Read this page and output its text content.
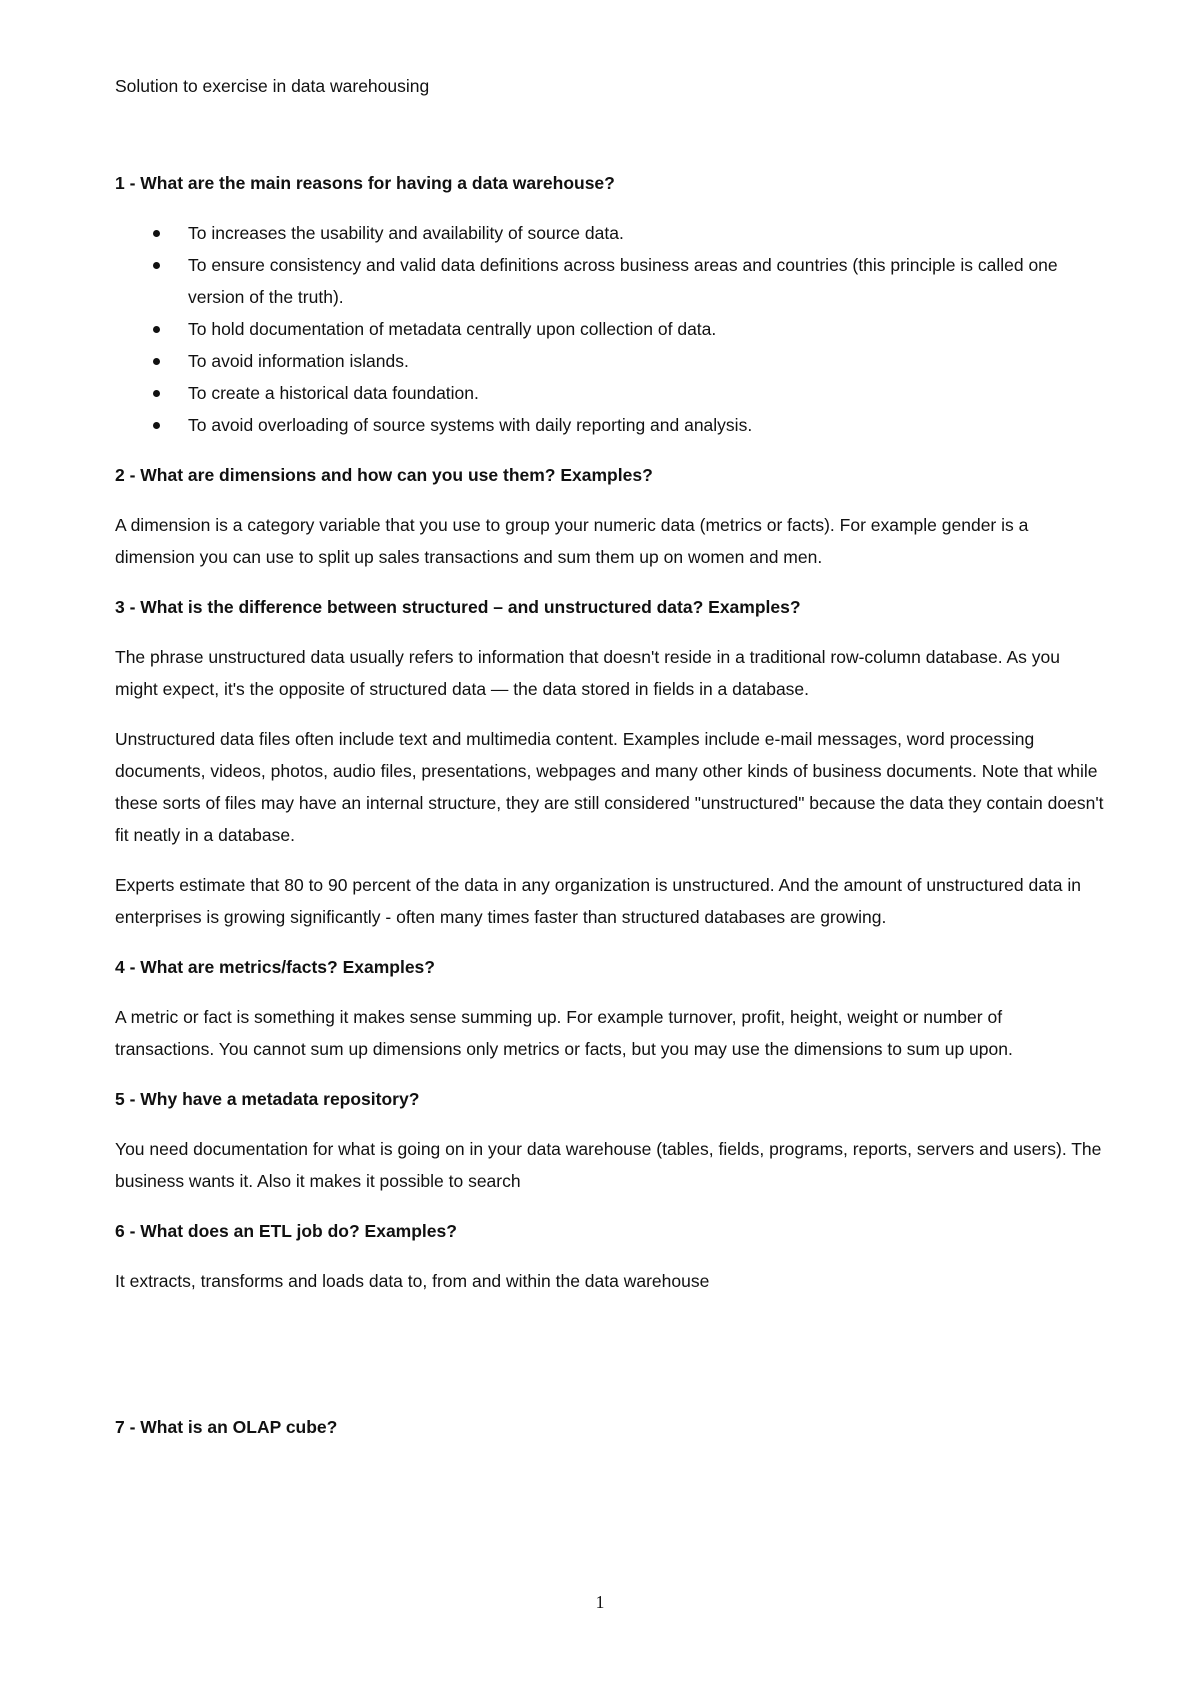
Solution to exercise in data warehousing

1 - What are the main reasons for having a data warehouse?

To increases the usability and availability of source data.
To ensure consistency and valid data definitions across business areas and countries (this principle is called one version of the truth).
To hold documentation of metadata centrally upon collection of data.
To avoid information islands.
To create a historical data foundation.
To avoid overloading of source systems with daily reporting and analysis.

2 - What are dimensions and how can you use them? Examples?

A dimension is a category variable that you use to group your numeric data (metrics or facts). For example gender is a dimension you can use to split up sales transactions and sum them up on women and men.

3 - What is the difference between structured – and unstructured data? Examples?

The phrase unstructured data usually refers to information that doesn't reside in a traditional row-column database. As you might expect, it's the opposite of structured data — the data stored in fields in a database.

Unstructured data files often include text and multimedia content. Examples include e-mail messages, word processing documents, videos, photos, audio files, presentations, webpages and many other kinds of business documents. Note that while these sorts of files may have an internal structure, they are still considered "unstructured" because the data they contain doesn't fit neatly in a database.

Experts estimate that 80 to 90 percent of the data in any organization is unstructured. And the amount of unstructured data in enterprises is growing significantly - often many times faster than structured databases are growing.

4 - What are metrics/facts? Examples?

A metric or fact is something it makes sense summing up. For example turnover, profit, height, weight or number of transactions. You cannot sum up dimensions only metrics or facts, but you may use the dimensions to sum up upon.

5 - Why have a metadata repository?

You need documentation for what is going on in your data warehouse (tables, fields, programs, reports, servers and users). The business wants it. Also it makes it possible to search

6 - What does an ETL job do? Examples?

It extracts, transforms and loads data to, from and within the data warehouse

7 - What is an OLAP cube?

1
